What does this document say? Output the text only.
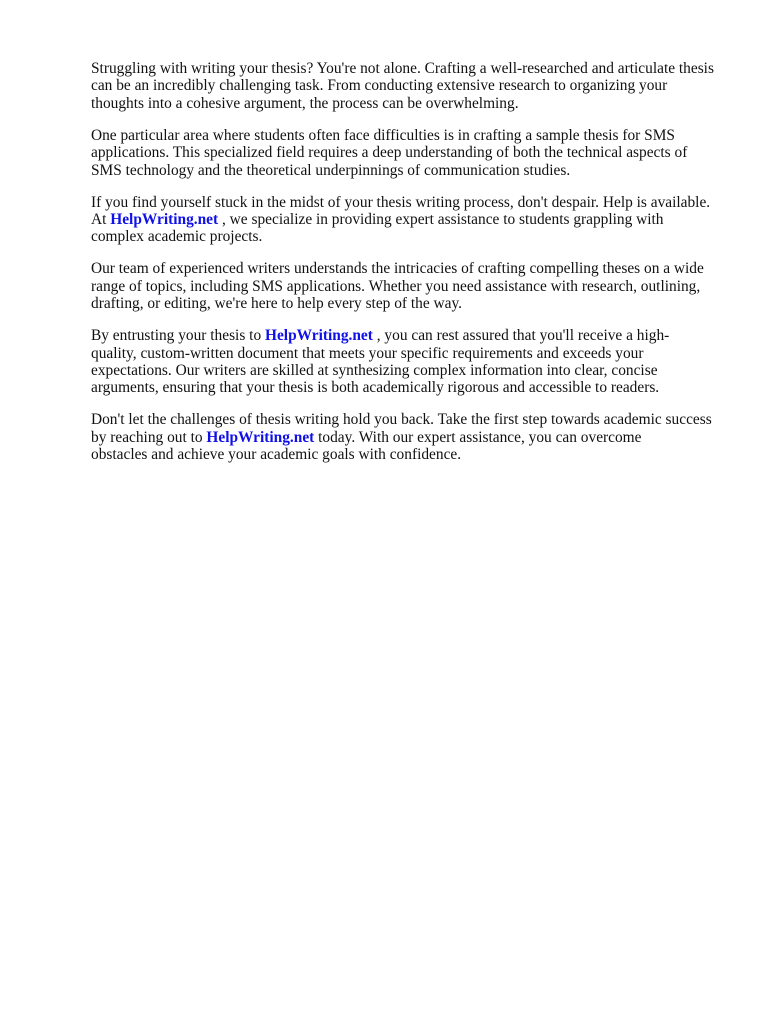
Struggling with writing your thesis? You're not alone. Crafting a well-researched and articulate thesis
can be an incredibly challenging task. From conducting extensive research to organizing your
thoughts into a cohesive argument, the process can be overwhelming.

One particular area where students often face difficulties is in crafting a sample thesis for SMS
applications. This specialized field requires a deep understanding of both the technical aspects of
SMS technology and the theoretical underpinnings of communication studies.

If you find yourself stuck in the midst of your thesis writing process, don't despair. Help is available.
At HelpWriting.net , we specialize in providing expert assistance to students grappling with
complex academic projects.

Our team of experienced writers understands the intricacies of crafting compelling theses on a wide
range of topics, including SMS applications. Whether you need assistance with research, outlining,
drafting, or editing, we're here to help every step of the way.

By entrusting your thesis to HelpWriting.net , you can rest assured that you'll receive a high-
quality, custom-written document that meets your specific requirements and exceeds your
expectations. Our writers are skilled at synthesizing complex information into clear, concise
arguments, ensuring that your thesis is both academically rigorous and accessible to readers.

Don't let the challenges of thesis writing hold you back. Take the first step towards academic success
by reaching out to HelpWriting.net today. With our expert assistance, you can overcome
obstacles and achieve your academic goals with confidence.
